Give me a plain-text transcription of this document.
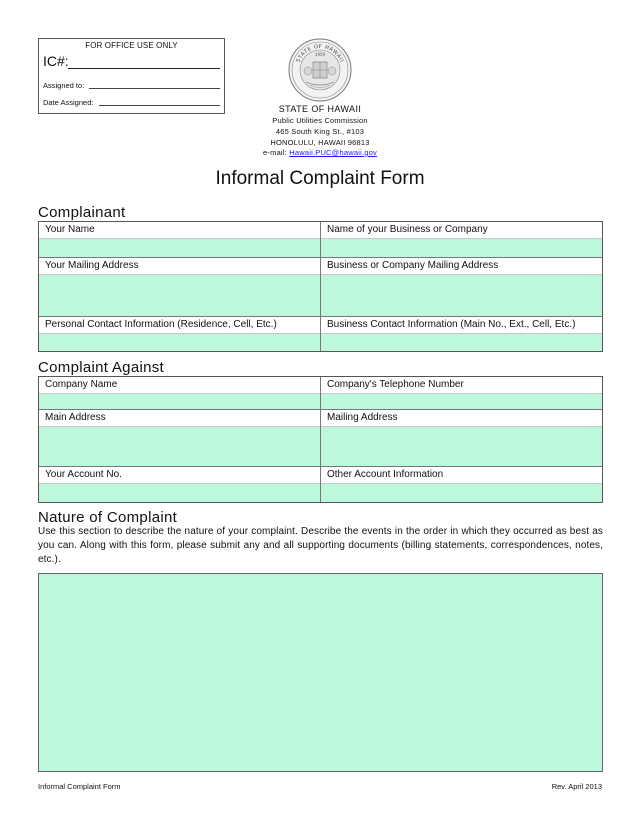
FOR OFFICE USE ONLY
IC#:
Assigned to:
Date Assigned:
STATE OF HAWAII
1959
STATE OF HAWAII
Public Utilities Commission
465 South King St., #103
HONOLULU, HAWAII 96813
e-mail: Hawaii.PUC@hawaii.gov
Informal Complaint Form
Complainant
Your Name	Name of your Business or Company
Your Mailing Address	Business or Company Mailing Address
Personal Contact Information (Residence, Cell, Etc.)	Business Contact Information (Main No., Ext., Cell, Etc.)
Complaint Against
Company Name	Company's Telephone Number
Main Address	Mailing Address
Your Account No.	Other Account Information
Nature of Complaint
Use this section to describe the nature of your complaint. Describe the events in the order in which they occurred as best as you can. Along with this form, please submit any and all supporting documents (billing statements, correspondences, notes, etc.).
Informal Complaint Form	Rev. April 2013
